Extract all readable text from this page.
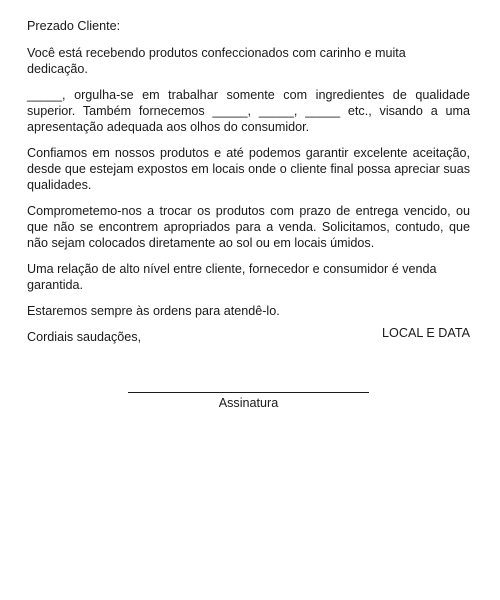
Prezado Cliente:

Você está recebendo produtos confeccionados com carinho e muita dedicação.

_____, orgulha-se em trabalhar somente com ingredientes de qualidade superior. Também fornecemos _____, _____, _____ etc., visando a uma apresentação adequada aos olhos do consumidor.

Confiamos em nossos produtos e até podemos garantir excelente aceitação, desde que estejam expostos em locais onde o cliente final possa apreciar suas qualidades.

Comprometemo-nos a trocar os produtos com prazo de entrega vencido, ou que não se encontrem apropriados para a venda. Solicitamos, contudo, que não sejam colocados diretamente ao sol ou em locais úmidos.

Uma relação de alto nível entre cliente, fornecedor e consumidor é venda garantida.

Estaremos sempre às ordens para atendê-lo.

Cordiais saudações,	LOCAL E DATA
Assinatura
